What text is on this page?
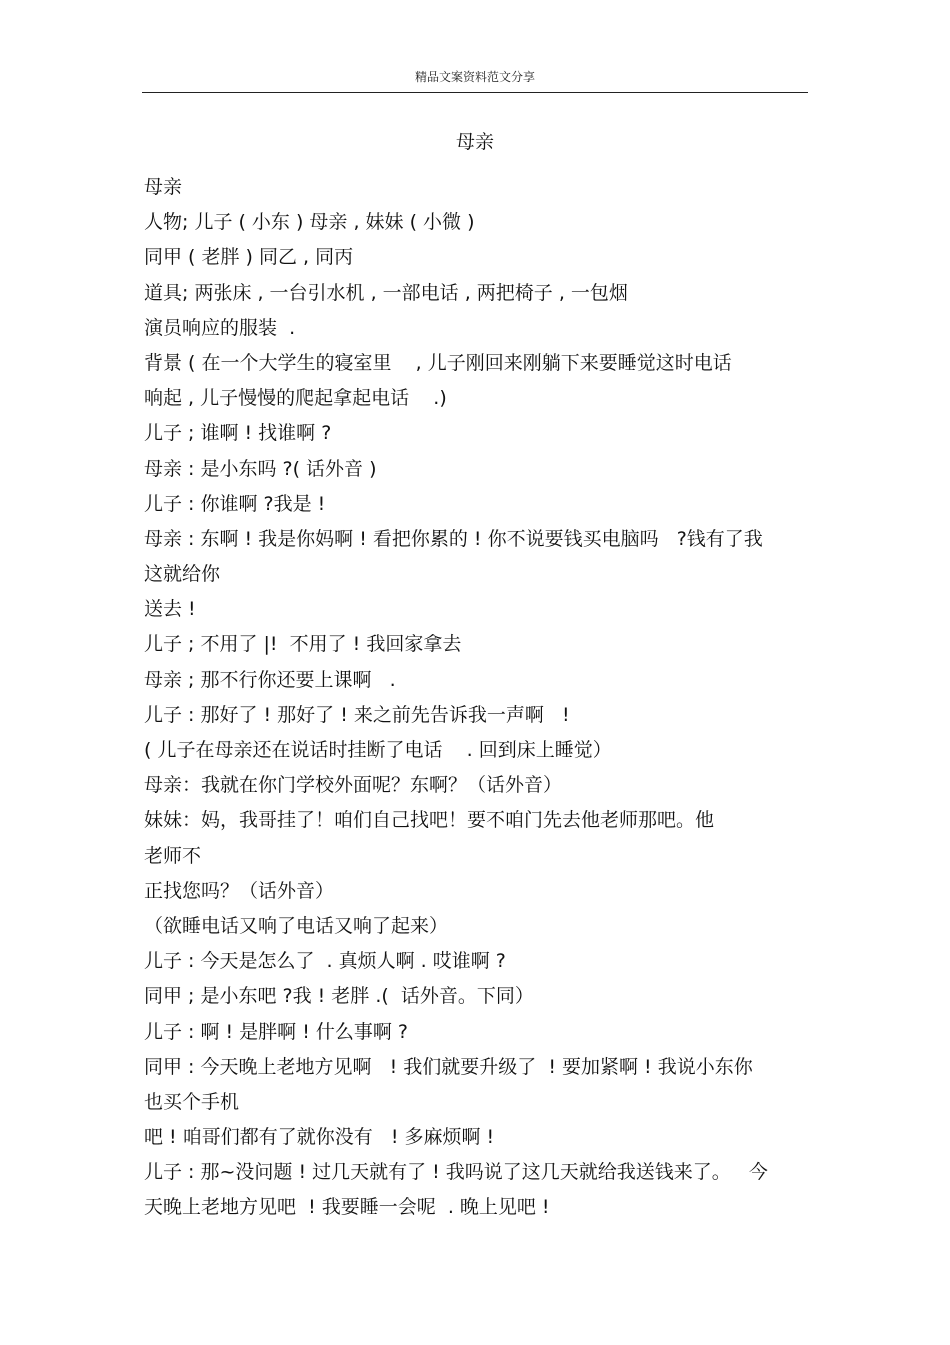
精品文案资料范文分享
母亲
母亲
人物; 儿子 ( 小东 ) 母亲 , 妹妹 ( 小微 )
同甲 ( 老胖 ) 同乙 , 同丙
道具; 两张床 , 一台引水机 , 一部电话 , 两把椅子 , 一包烟
演员响应的服装  .
背景 ( 在一个大学生的寝室里    , 儿子刚回来刚躺下来要睡觉这时电话
响起 , 儿子慢慢的爬起拿起电话    .)
儿子 ; 谁啊 ! 找谁啊 ?
母亲 : 是小东吗 ?( 话外音 )
儿子 : 你谁啊 ?我是 !
母亲 : 东啊 ! 我是你妈啊 ! 看把你累的 ! 你不说要钱买电脑吗   ?钱有了我
这就给你
送去 !
儿子 ; 不用了 |!  不用了 ! 我回家拿去
母亲 ; 那不行你还要上课啊   .
儿子 : 那好了 ! 那好了 ! 来之前先告诉我一声啊   !
( 儿子在母亲还在说话时挂断了电话    . 回到床上睡觉）
母亲：我就在你门学校外面呢？东啊？（话外音）
妹妹：妈，我哥挂了！咱们自己找吧！要不咱门先去他老师那吧。他
老师不
正找您吗？（话外音）
（欲睡电话又响了电话又响了起来）
儿子 : 今天是怎么了  . 真烦人啊 . 哎谁啊 ?
同甲 ; 是小东吧 ?我 ! 老胖 .(  话外音。下同）
儿子 : 啊 ! 是胖啊 ! 什么事啊 ?
同甲 : 今天晚上老地方见啊   ! 我们就要升级了  ! 要加紧啊 ! 我说小东你
也买个手机
吧 ! 咱哥们都有了就你没有   ! 多麻烦啊 !
儿子 : 那~没问题 ! 过几天就有了 ! 我吗说了这几天就给我送钱来了。   今
天晚上老地方见吧  ! 我要睡一会呢  . 晚上见吧 !
